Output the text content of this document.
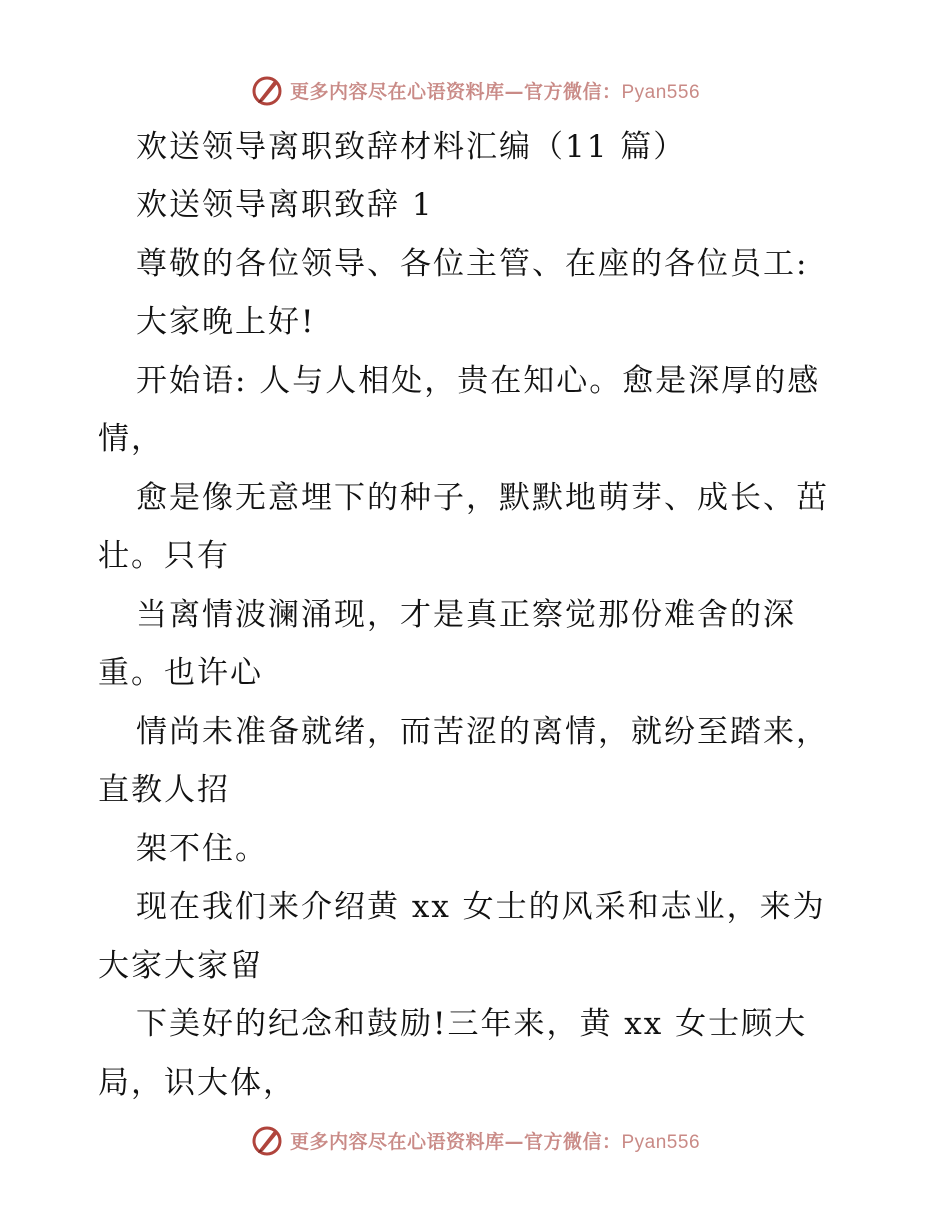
更多内容尽在心语资料库—官方微信：Pyan556
欢送领导离职致辞材料汇编（11 篇）
欢送领导离职致辞 1
尊敬的各位领导、各位主管、在座的各位员工:
大家晚上好!
开始语: 人与人相处，贵在知心。愈是深厚的感
情，
愈是像无意埋下的种子，默默地萌芽、成长、茁
壮。只有
当离情波澜涌现，才是真正察觉那份难舍的深
重。也许心
情尚未准备就绪，而苦涩的离情，就纷至踏来，
直教人招
架不住。
现在我们来介绍黄 xx 女士的风采和志业，来为
大家大家留
下美好的纪念和鼓励!三年来，黄 xx 女士顾大
局，识大体，
更多内容尽在心语资料库—官方微信：Pyan556
